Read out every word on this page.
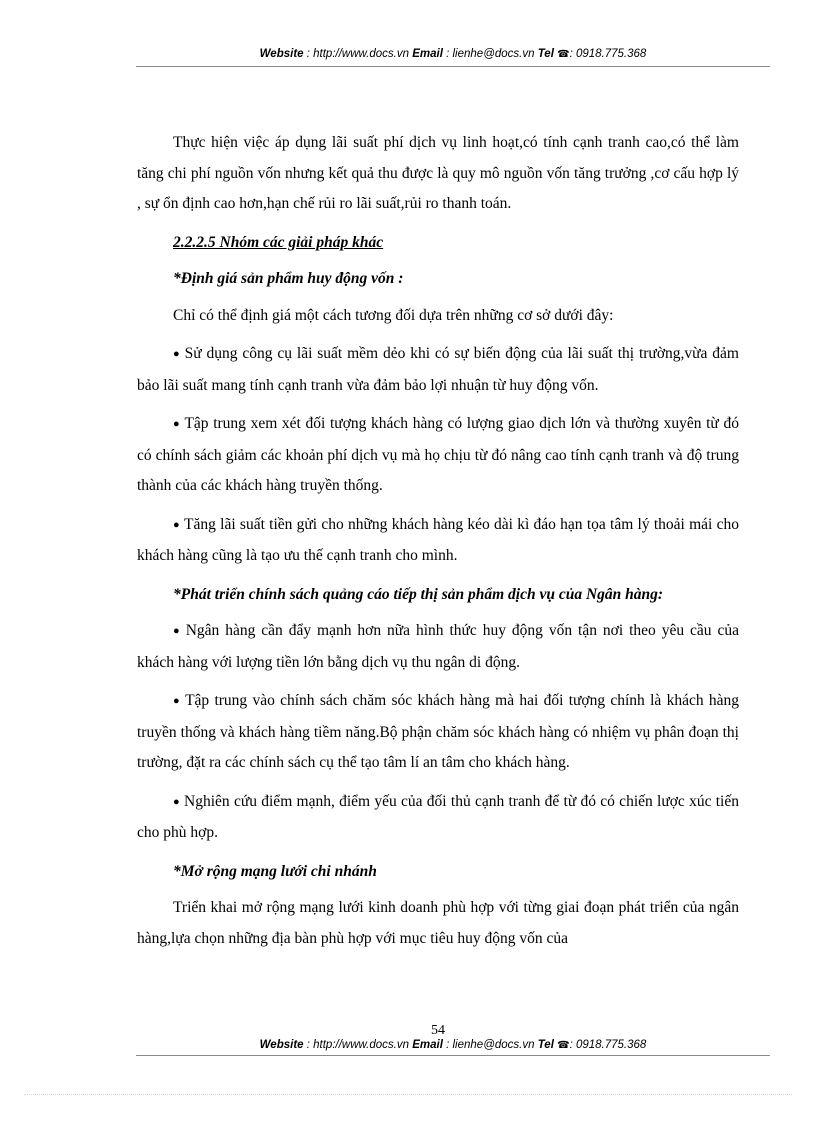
Website : http://www.docs.vn Email : lienhe@docs.vn Tel ☎: 0918.775.368

Thực hiện việc áp dụng lãi suất phí dịch vụ linh hoạt,có tính cạnh tranh cao,có thể làm tăng chi phí nguồn vốn nhưng kết quả thu được là quy mô nguồn vốn tăng trưởng ,cơ cấu hợp lý , sự ổn định cao hơn,hạn chế rủi ro lãi suất,rủi ro thanh toán.

2.2.2.5 Nhóm các giải pháp khác

*Định giá sản phẩm huy động vốn :

Chỉ có thể định giá một cách tương đối dựa trên những cơ sở dưới đây:

● Sử dụng công cụ lãi suất mềm dẻo khi có sự biến động của lãi suất thị trường,vừa đảm bảo lãi suất mang tính cạnh tranh vừa đảm bảo lợi nhuận từ huy động vốn.

● Tập trung xem xét đối tượng khách hàng có lượng giao dịch lớn và thường xuyên từ đó có chính sách giảm các khoản phí dịch vụ mà họ chịu từ đó nâng cao tính cạnh tranh và độ trung thành của các khách hàng truyền thống.

● Tăng lãi suất tiền gửi cho những khách hàng kéo dài kì đáo hạn tọa tâm lý thoải mái cho khách hàng cũng là tạo ưu thế cạnh tranh cho mình.

*Phát triển chính sách quảng cáo tiếp thị sản phẩm dịch vụ của Ngân hàng:

● Ngân hàng cần đẩy mạnh hơn nữa hình thức huy động vốn tận nơi theo yêu cầu của khách hàng với lượng tiền lớn bằng dịch vụ thu ngân di động.

● Tập trung vào chính sách chăm sóc khách hàng mà hai đối tượng chính là khách hàng truyền thống và khách hàng tiềm năng.Bộ phận chăm sóc khách hàng có nhiệm vụ phân đoạn thị trường, đặt ra các chính sách cụ thể tạo tâm lí an tâm cho khách hàng.

● Nghiên cứu điểm mạnh, điểm yếu của đối thủ cạnh tranh để từ đó có chiến lược xúc tiến cho phù hợp.

*Mở rộng mạng lưới chi nhánh

Triển khai mở rộng mạng lưới kinh doanh phù hợp với từng giai đoạn phát triển của ngân hàng,lựa chọn những địa bàn phù hợp với mục tiêu huy động vốn của

54
Website : http://www.docs.vn Email : lienhe@docs.vn Tel ☎: 0918.775.368
